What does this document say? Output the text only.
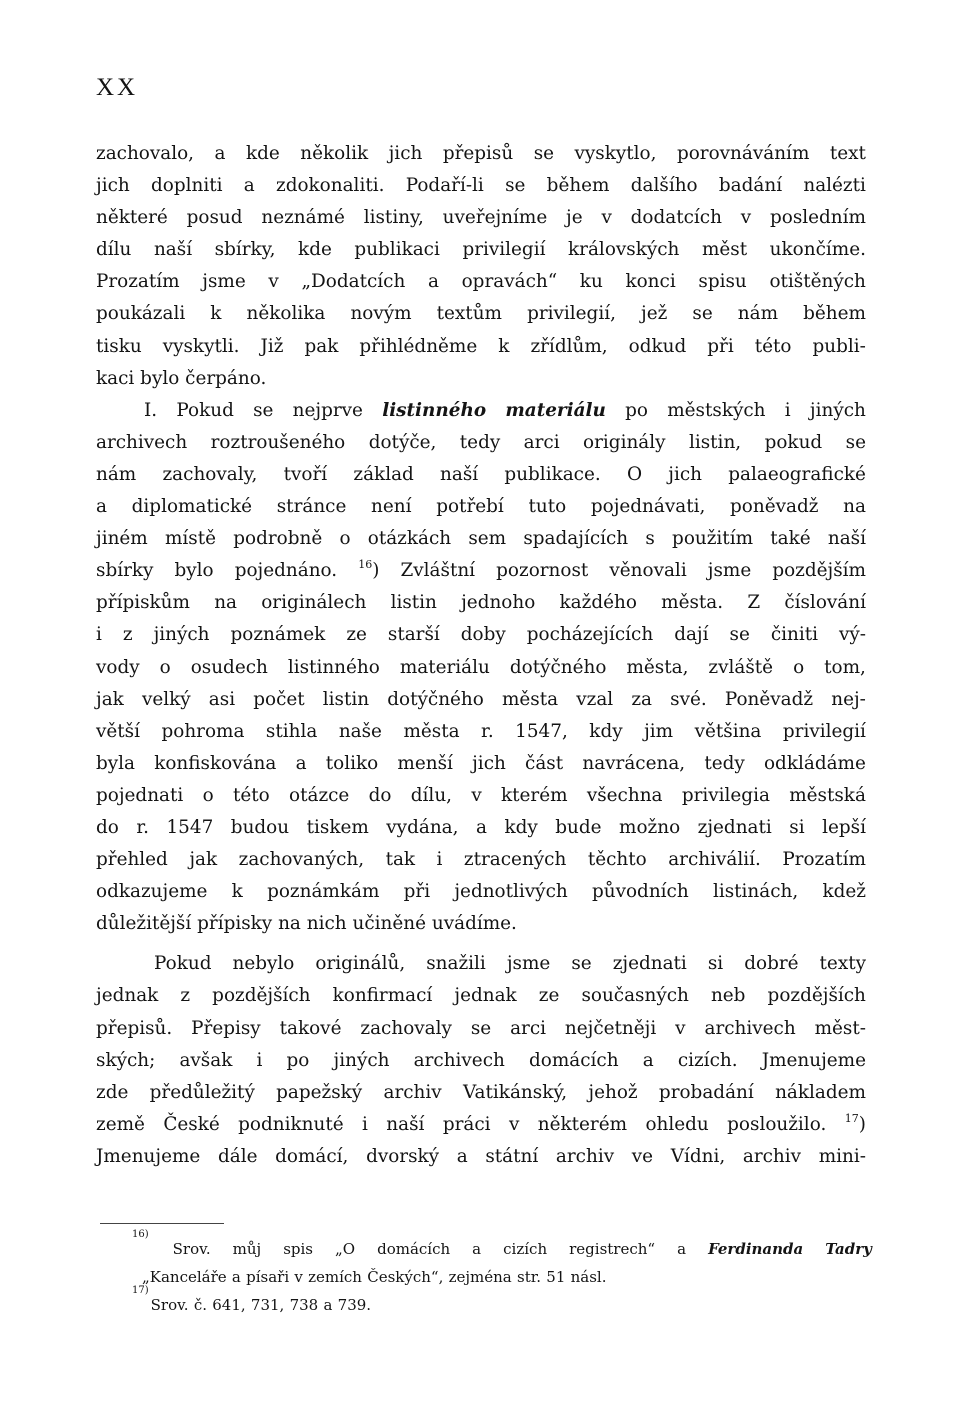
XX
zachovalo, a kde několik jich přepisů se vyskytlo, porovnáváním text
jich doplniti a zdokonaliti. Podaří-li se během dalšího badání nalézti
některé posud neznámé listiny, uveřejníme je v dodatcích v posledním
dílu naší sbírky, kde publikaci privilegií královských měst ukončíme.
Prozatím jsme v „Dodatcích a opravách“ ku konci spisu otištěných
poukázali k několika novým textům privilegií, jež se nám během
tisku vyskytli. Již pak přihlédněme k zřídlům, odkud při této publi-
kaci bylo čerpáno.
I. Pokud se nejprve listinného materiálu po městských i jiných
archivech roztroušeného dotýče, tedy arci originály listin, pokud se
nám zachovaly, tvoří základ naší publikace. O jich palaeografické
a diplomatické stránce není potřebí tuto pojednávati, poněvadž na
jiném místě podrobně o otázkách sem spadajících s použitím také naší
sbírky bylo pojednáno. $^{16}$) Zvláštní pozornost věnovali jsme pozdějším
přípiskům na originálech listin jednoho každého města. Z číslování
i z jiných poznámek ze starší doby pocházejících dají se činiti vý-
vody o osudech listinného materiálu dotýčného města, zvláště o tom,
jak velký asi počet listin dotýčného města vzal za své. Poněvadž nej-
větší pohroma stihla naše města r. 1547, kdy jim většina privilegií
byla konfiskována a toliko menší jich část navrácena, tedy odkládáme
pojednati o této otázce do dílu, v kterém všechna privilegia městská
do r. 1547 budou tiskem vydána, a kdy bude možno zjednati si lepší
přehled jak zachovaných, tak i ztracených těchto archiválií. Prozatím
odkazujeme k poznámkám při jednotlivých původních listinách, kdež
důležitější přípisky na nich učiněné uvádíme.
Pokud nebylo originálů, snažili jsme se zjednati si dobré texty
jednak z pozdějších konfirmací jednak ze současných neb pozdějších
přepisů. Přepisy takové zachovaly se arci nejčetněji v archivech měst-
ských; avšak i po jiných archivech domácích a cizích. Jmenujeme
zde předůležitý papežský archiv Vatikánský, jehož probadání nákladem
země České podniknuté i naší práci v některém ohledu posloužilo. $^{17}$)
Jmenujeme dále domácí, dvorský a státní archiv ve Vídni, archiv mini-
16)
Srov. můj spis „O domácích a cizích registrech“ a Ferdinanda Tadry
„Kanceláře a písaři v zemích Českých“, zejména str. 51 násl.
17)
Srov. č. 641, 731, 738 a 739.
